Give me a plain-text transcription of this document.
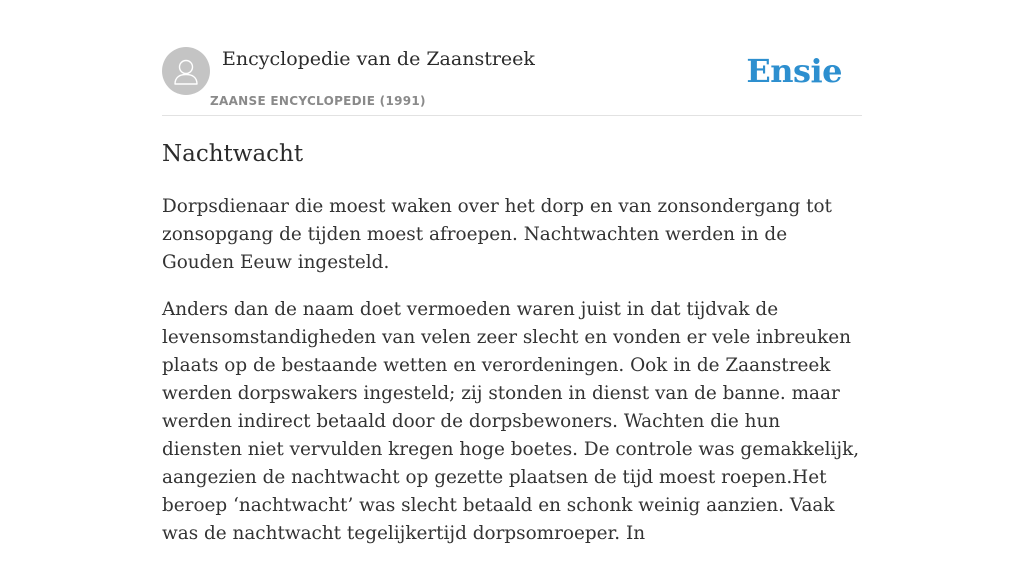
Encyclopedie van de Zaanstreek
ZAANSE ENCYCLOPEDIE (1991)
Ensie
Nachtwacht

Dorpsdienaar die moest waken over het dorp en van zonsondergang tot zonsopgang de tijden moest afroepen. Nachtwachten werden in de Gouden Eeuw ingesteld.

Anders dan de naam doet vermoeden waren juist in dat tijdvak de levensomstandigheden van velen zeer slecht en vonden er vele inbreuken plaats op de bestaande wetten en verordeningen. Ook in de Zaanstreek werden dorpswakers ingesteld; zij stonden in dienst van de banne. maar werden indirect betaald door de dorpsbewoners. Wachten die hun diensten niet vervulden kregen hoge boetes. De controle was gemakkelijk, aangezien de nachtwacht op gezette plaatsen de tijd moest roepen.Het beroep ‘nachtwacht’ was slecht betaald en schonk weinig aanzien. Vaak was de nachtwacht tegelijkertijd dorpsomroeper. In
